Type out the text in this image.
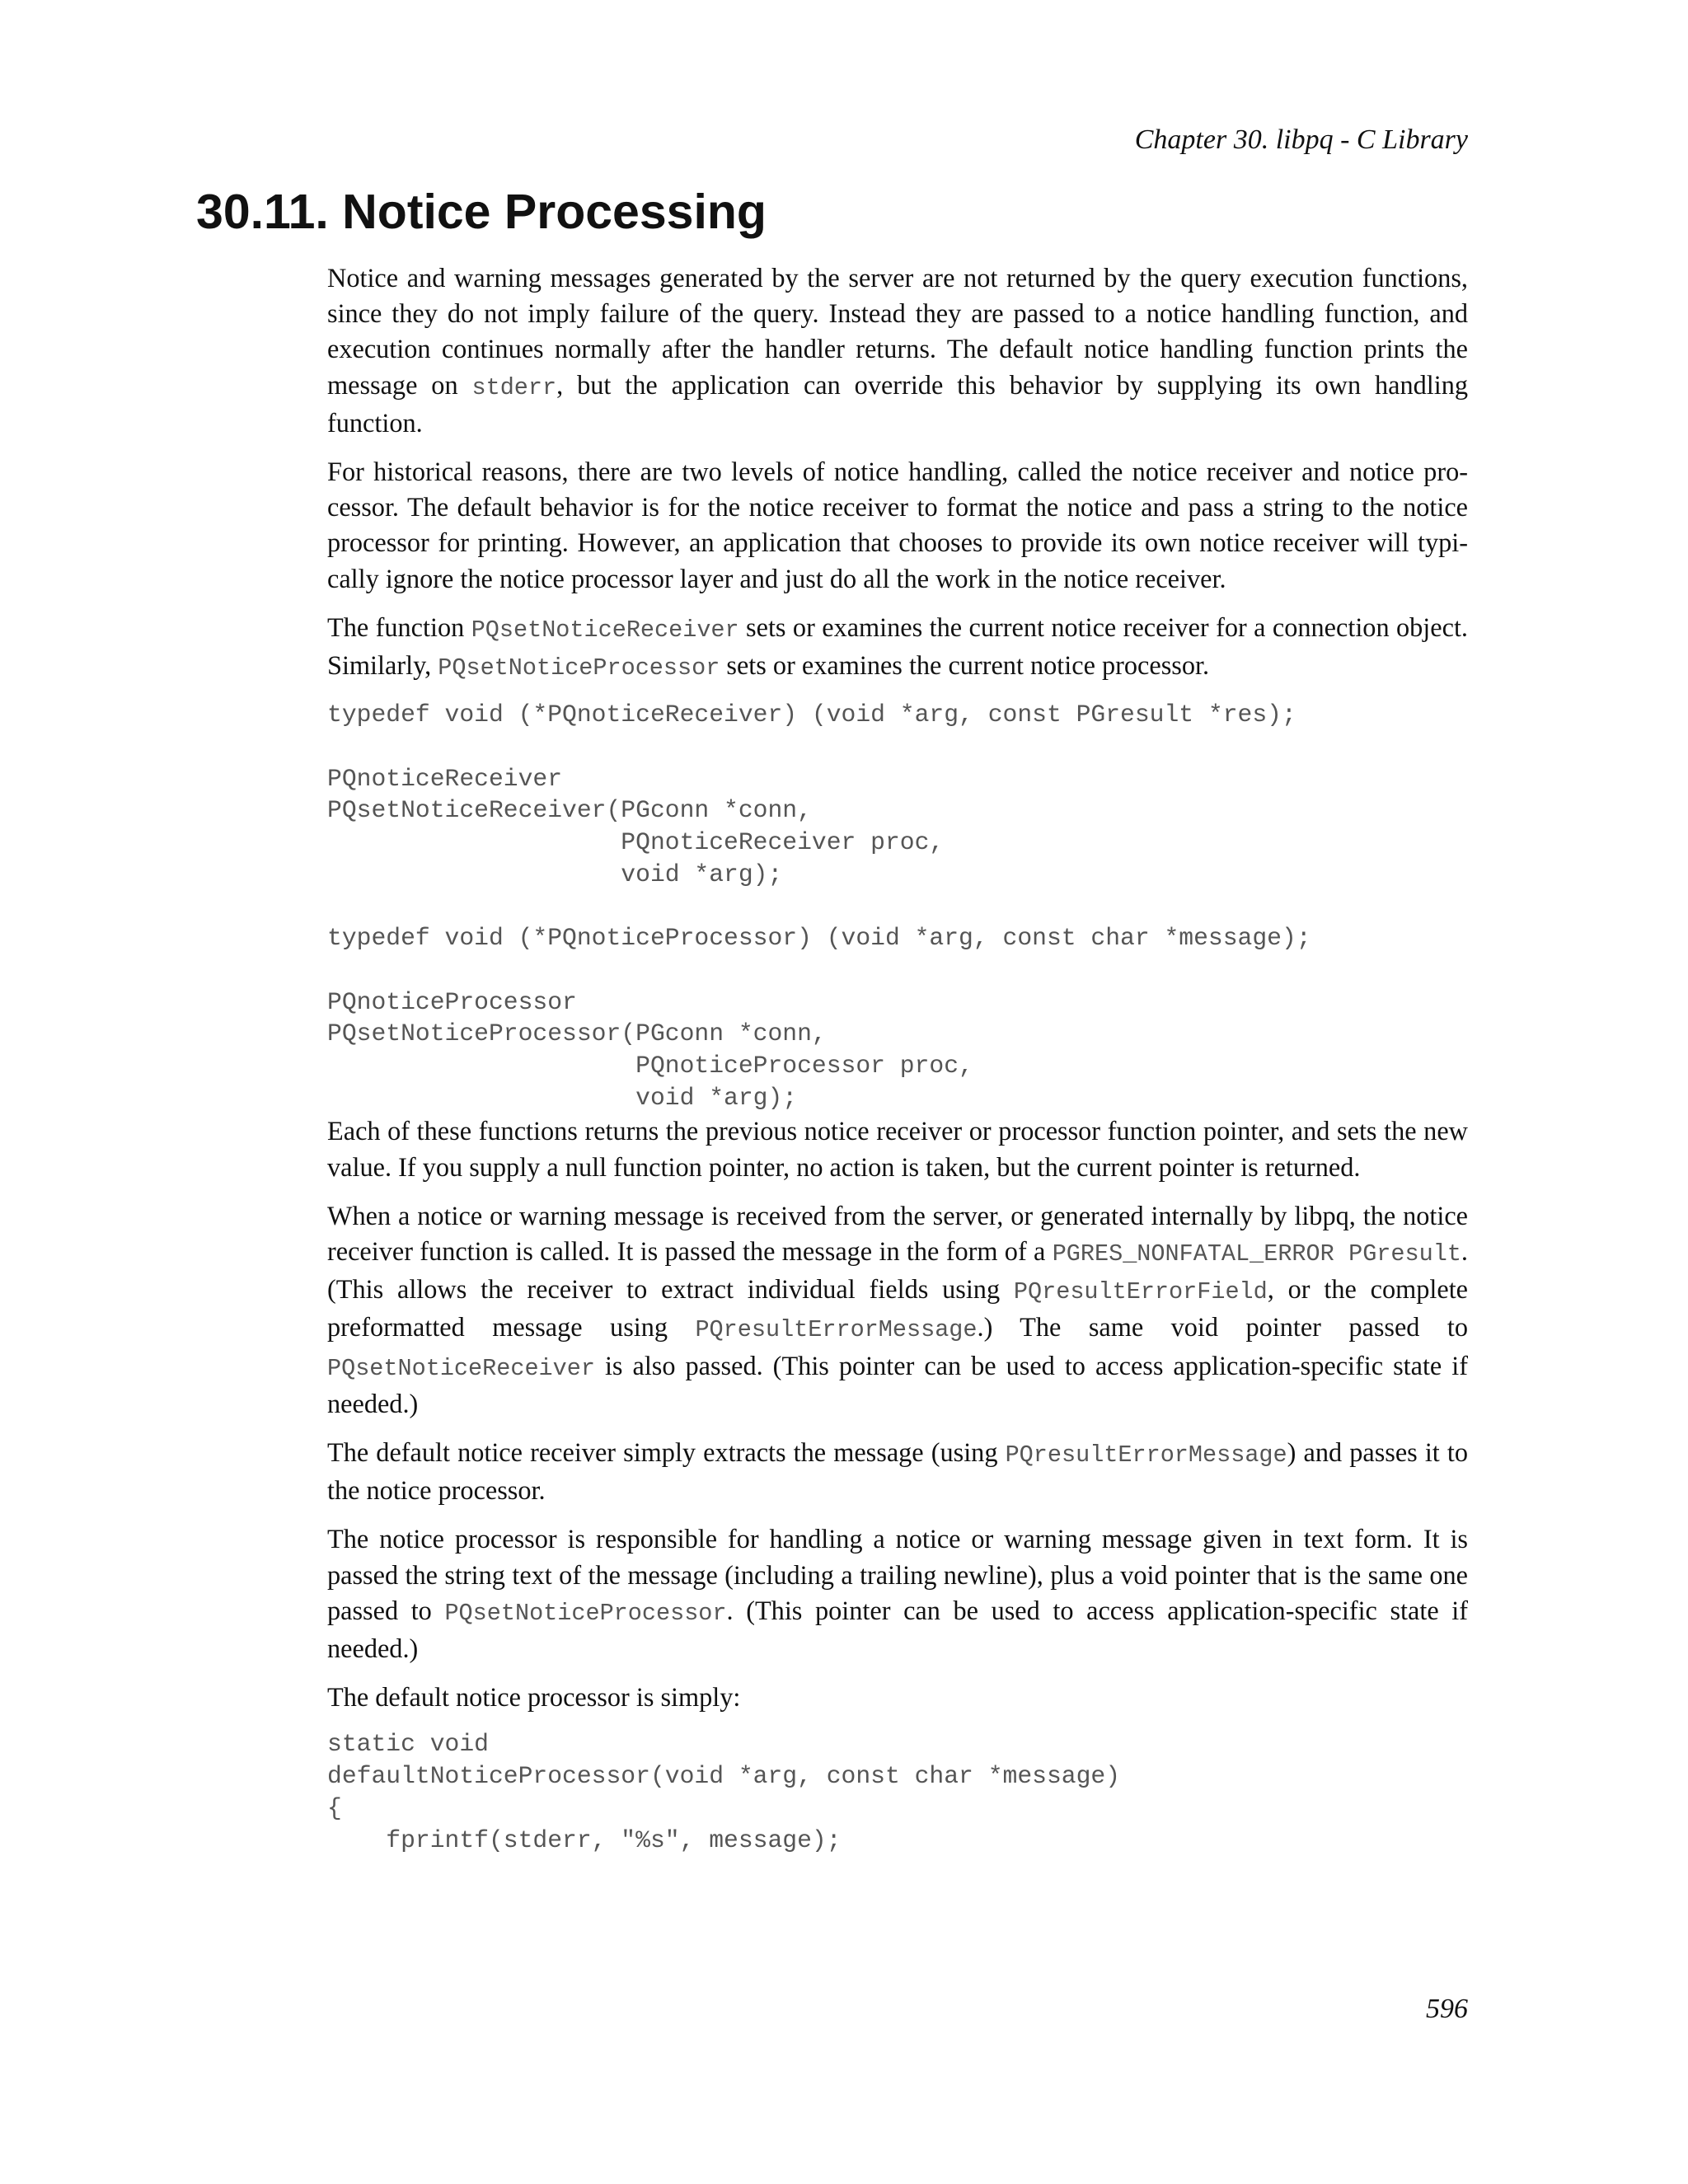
Chapter 30. libpq - C Library
30.11. Notice Processing

Notice and warning messages generated by the server are not returned by the query execution functions, since they do not imply failure of the query. Instead they are passed to a notice handling function, and execution continues normally after the handler returns. The default notice handling function prints the message on stderr, but the application can override this behavior by supplying its own handling function.

For historical reasons, there are two levels of notice handling, called the notice receiver and notice processor. The default behavior is for the notice receiver to format the notice and pass a string to the notice processor for printing. However, an application that chooses to provide its own notice receiver will typically ignore the notice processor layer and just do all the work in the notice receiver.

The function PQsetNoticeReceiver sets or examines the current notice receiver for a connection object. Similarly, PQsetNoticeProcessor sets or examines the current notice processor.

typedef void (*PQnoticeReceiver) (void *arg, const PGresult *res);

PQnoticeReceiver
PQsetNoticeReceiver(PGconn *conn,
PQnoticeReceiver proc,
void *arg);

typedef void (*PQnoticeProcessor) (void *arg, const char *message);

PQnoticeProcessor
PQsetNoticeProcessor(PGconn *conn,
PQnoticeProcessor proc,
void *arg);

Each of these functions returns the previous notice receiver or processor function pointer, and sets the new value. If you supply a null function pointer, no action is taken, but the current pointer is returned.

When a notice or warning message is received from the server, or generated internally by libpq, the notice receiver function is called. It is passed the message in the form of a PGRES_NONFATAL_ERROR PGresult. (This allows the receiver to extract individual fields using PQresultErrorField, or the complete preformatted message using PQresultErrorMessage.) The same void pointer passed to PQsetNoticeReceiver is also passed. (This pointer can be used to access application-specific state if needed.)

The default notice receiver simply extracts the message (using PQresultErrorMessage) and passes it to the notice processor.

The notice processor is responsible for handling a notice or warning message given in text form. It is passed the string text of the message (including a trailing newline), plus a void pointer that is the same one passed to PQsetNoticeProcessor. (This pointer can be used to access application-specific state if needed.)

The default notice processor is simply:

static void
defaultNoticeProcessor(void *arg, const char *message)
{
fprintf(stderr, "%s", message);
596
